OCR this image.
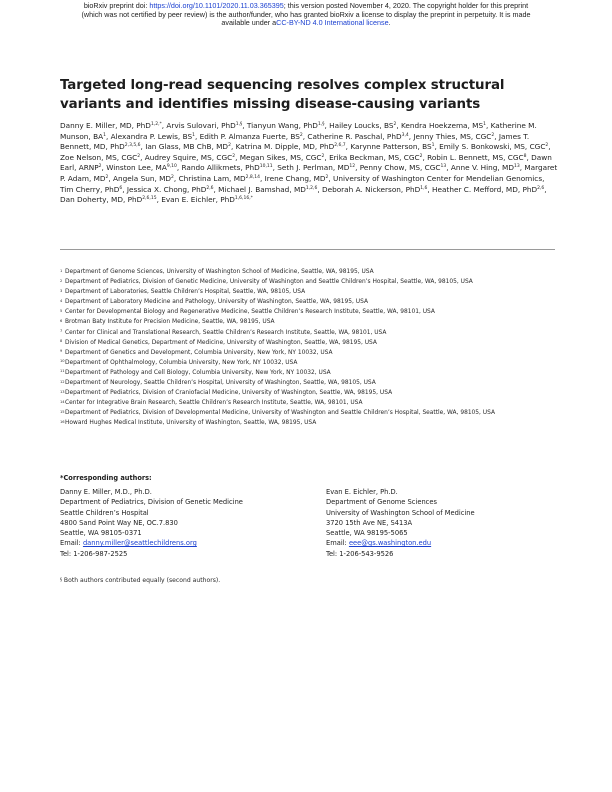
bioRxiv preprint doi: https://doi.org/10.1101/2020.11.03.365395; this version posted November 4, 2020. The copyright holder for this preprint
(which was not certified by peer review) is the author/funder, who has granted bioRxiv a license to display the preprint in perpetuity. It is made
available under aCC-BY-ND 4.0 International license.
Targeted long-read sequencing resolves complex structural variants and identifies missing disease-causing variants
Danny E. Miller, MD, PhD$^{1,2,*}$, Arvis Sulovari, PhD$^{1,\S}$, Tianyun Wang, PhD$^{1,\S}$, Hailey Loucks, $BS^2$, Kendra Hoekzema, $MS^1$, Katherine M. Munson, $BA^1$, Alexandra P. Lewis, $BS^1$, Edith P. Almanza Fuerte, $BS^2$, Catherine R. Paschal, PhD$^{3,4}$, Jenny Thies, MS, CGC$^2$, James T. Bennett, MD, PhD$^{2,3,5,6}$, Ian Glass, MB ChB, $MD^2$, Katrina M. Dipple, MD, PhD$^{2,6,7}$, Karynne Patterson, $BS^1$, Emily S. Bonkowski, MS, CGC$^2$, Zoe Nelson, MS, CGC$^2$, Audrey Squire, MS, CGC$^2$, Megan Sikes, MS, CGC$^2$, Erika Beckman, MS, CGC$^2$, Robin L. Bennett, MS, CGC$^8$, Dawn Earl, ARNP$^2$, Winston Lee, MA$^{9,10}$, Rando Allikmets, PhD$^{10,11}$, Seth J. Perlman, MD$^{12}$, Penny Chow, MS, CGC$^{13}$, Anne V. Hing, MD$^{13}$, Margaret P. Adam, $MD^2$, Angela Sun, $MD^2$, Christina Lam, MD$^{2,8,14}$, Irene Chang, $MD^2$, University of Washington Center for Mendelian Genomics, Tim Cherry, PhD$^6$, Jessica X. Chong, PhD$^{2,6}$, Michael J. Bamshad, MD$^{1,2,6}$, Deborah A. Nickerson, PhD$^{1,6}$, Heather C. Mefford, MD, PhD$^{2,6}$, Dan Doherty, MD, PhD$^{2,6,15}$, Evan E. Eichler, PhD$^{1,6,16,*}$
1 Department of Genome Sciences, University of Washington School of Medicine, Seattle, WA, 98195, USA
2 Department of Pediatrics, Division of Genetic Medicine, University of Washington and Seattle Children’s Hospital, Seattle, WA, 98105, USA
3 Department of Laboratories, Seattle Children’s Hospital, Seattle, WA, 98105, USA
4 Department of Laboratory Medicine and Pathology, University of Washington, Seattle, WA, 98195, USA
5 Center for Developmental Biology and Regenerative Medicine, Seattle Children’s Research Institute, Seattle, WA, 98101, USA
6 Brotman Baty Institute for Precision Medicine, Seattle, WA, 98195, USA
7 Center for Clinical and Translational Research, Seattle Children’s Research Institute, Seattle, WA, 98101, USA
8 Division of Medical Genetics, Department of Medicine, University of Washington, Seattle, WA, 98195, USA
9 Department of Genetics and Development, Columbia University, New York, NY 10032, USA
10 Department of Ophthalmology, Columbia University, New York, NY 10032, USA
11 Department of Pathology and Cell Biology, Columbia University, New York, NY 10032, USA
12 Department of Neurology, Seattle Children’s Hospital, University of Washington, Seattle, WA, 98105, USA
13 Department of Pediatrics, Division of Craniofacial Medicine, University of Washington, Seattle, WA, 98195, USA
14 Center for Integrative Brain Research, Seattle Children’s Research Institute, Seattle, WA, 98101, USA
15 Department of Pediatrics, Division of Developmental Medicine, University of Washington and Seattle Children’s Hospital, Seattle, WA, 98105, USA
16 Howard Hughes Medical Institute, University of Washington, Seattle, WA, 98195, USA
*Corresponding authors:
Danny E. Miller, M.D., Ph.D.
Department of Pediatrics, Division of Genetic Medicine
Seattle Children’s Hospital
4800 Sand Point Way NE, OC.7.830
Seattle, WA 98105-0371
Email: danny.miller@seattlechildrens.org
Tel: 1-206-987-2525
Evan E. Eichler, Ph.D.
Department of Genome Sciences
University of Washington School of Medicine
3720 15th Ave NE, S413A
Seattle, WA 98195-5065
Email: eee@gs.washington.edu
Tel: 1-206-543-9526
§ Both authors contributed equally (second authors).
